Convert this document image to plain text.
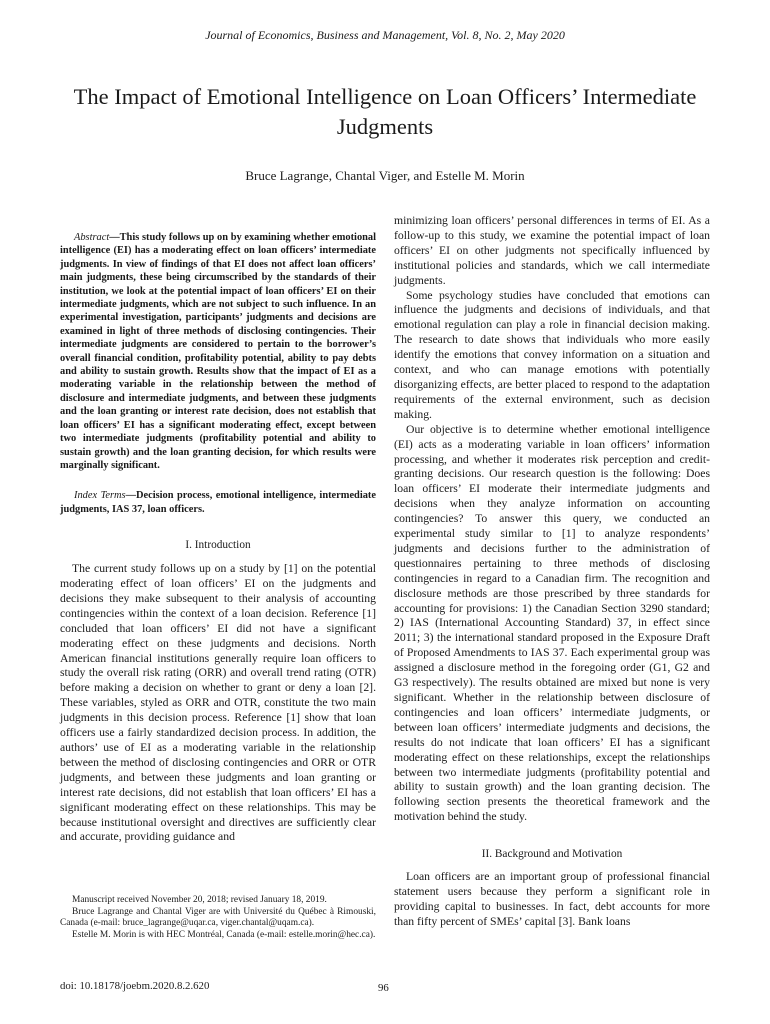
Journal of Economics, Business and Management, Vol. 8, No. 2, May 2020
The Impact of Emotional Intelligence on Loan Officers’ Intermediate Judgments
Bruce Lagrange, Chantal Viger, and Estelle M. Morin

Abstract—This study follows up on by examining whether emotional intelligence (EI) has a moderating effect on loan officers’ intermediate judgments. In view of findings of that EI does not affect loan officers’ main judgments, these being circumscribed by the standards of their institution, we look at the potential impact of loan officers’ EI on their intermediate judgments, which are not subject to such influence. In an experimental investigation, participants’ judgments and decisions are examined in light of three methods of disclosing contingencies. Their intermediate judgments are considered to pertain to the borrower’s overall financial condition, profitability potential, ability to pay debts and ability to sustain growth. Results show that the impact of EI as a moderating variable in the relationship between the method of disclosure and intermediate judgments, and between these judgments and the loan granting or interest rate decision, does not establish that loan officers’ EI has a significant moderating effect, except between two intermediate judgments (profitability potential and ability to sustain growth) and the loan granting decision, for which results were marginally significant.

Index Terms—Decision process, emotional intelligence, intermediate judgments, IAS 37, loan officers.

I. Introduction

The current study follows up on a study by [1] on the potential moderating effect of loan officers’ EI on the judgments and decisions they make subsequent to their analysis of accounting contingencies within the context of a loan decision. Reference [1] concluded that loan officers’ EI did not have a significant moderating effect on these judgments and decisions. North American financial institutions generally require loan officers to study the overall risk rating (ORR) and overall trend rating (OTR) before making a decision on whether to grant or deny a loan [2]. These variables, styled as ORR and OTR, constitute the two main judgments in this decision process. Reference [1] show that loan officers use a fairly standardized decision process. In addition, the authors’ use of EI as a moderating variable in the relationship between the method of disclosing contingencies and ORR or OTR judgments, and between these judgments and loan granting or interest rate decisions, did not establish that loan officers’ EI has a significant moderating effect on these relationships. This may be because institutional oversight and directives are sufficiently clear and accurate, providing guidance and

minimizing loan officers’ personal differences in terms of EI. As a follow-up to this study, we examine the potential impact of loan officers’ EI on other judgments not specifically influenced by institutional policies and standards, which we call intermediate judgments.

Some psychology studies have concluded that emotions can influence the judgments and decisions of individuals, and that emotional regulation can play a role in financial decision making. The research to date shows that individuals who more easily identify the emotions that convey information on a situation and context, and who can manage emotions with potentially disorganizing effects, are better placed to respond to the adaptation requirements of the external environment, such as decision making.

Our objective is to determine whether emotional intelligence (EI) acts as a moderating variable in loan officers’ information processing, and whether it moderates risk perception and credit-granting decisions. Our research question is the following: Does loan officers’ EI moderate their intermediate judgments and decisions when they analyze information on accounting contingencies? To answer this query, we conducted an experimental study similar to [1] to analyze respondents’ judgments and decisions further to the administration of questionnaires pertaining to three methods of disclosing contingencies in regard to a Canadian firm. The recognition and disclosure methods are those prescribed by three standards for accounting for provisions: 1) the Canadian Section 3290 standard; 2) IAS (International Accounting Standard) 37, in effect since 2011; 3) the international standard proposed in the Exposure Draft of Proposed Amendments to IAS 37. Each experimental group was assigned a disclosure method in the foregoing order (G1, G2 and G3 respectively). The results obtained are mixed but none is very significant. Whether in the relationship between disclosure of contingencies and loan officers’ intermediate judgments, or between loan officers’ intermediate judgments and decisions, the results do not indicate that loan officers’ EI has a significant moderating effect on these relationships, except the relationships between two intermediate judgments (profitability potential and ability to sustain growth) and the loan granting decision. The following section presents the theoretical framework and the motivation behind the study.

II. Background and Motivation

Loan officers are an important group of professional financial statement users because they perform a significant role in providing capital to businesses. In fact, debt accounts for more than fifty percent of SMEs’ capital [3]. Bank loans

Manuscript received November 20, 2018; revised January 18, 2019.

Bruce Lagrange and Chantal Viger are with Université du Québec à Rimouski, Canada (e-mail: bruce_lagrange@uqar.ca, viger.chantal@uqam.ca).

Estelle M. Morin is with HEC Montréal, Canada (e-mail: estelle.morin@hec.ca).

doi: 10.18178/joebm.2020.8.2.620	96
